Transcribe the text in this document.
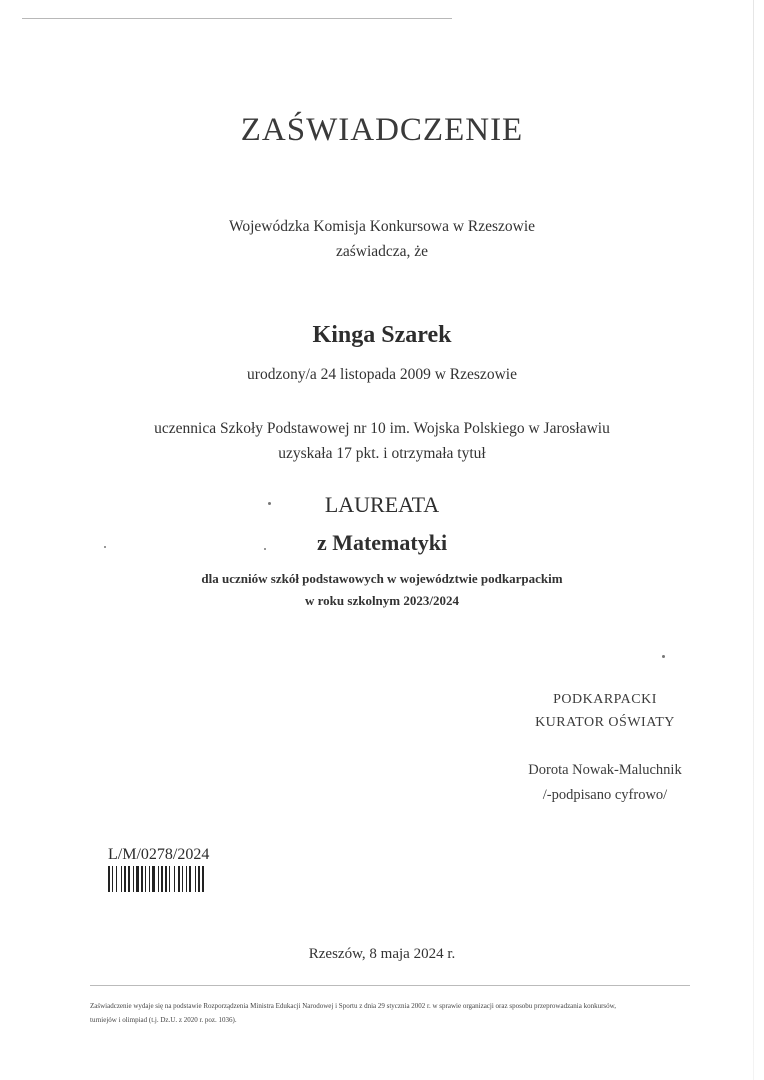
ZAŚWIADCZENIE
Wojewódzka Komisja Konkursowa w Rzeszowie
zaświadcza, że
Kinga Szarek
urodzony/a 24 listopada 2009 w Rzeszowie
uczennica Szkoły Podstawowej nr 10 im. Wojska Polskiego w Jarosławiu
uzyskała 17 pkt. i otrzymała tytuł
LAUREATA
z Matematyki
dla uczniów szkół podstawowych w województwie podkarpackim
w roku szkolnym 2023/2024
PODKARPACKI
KURATOR OŚWIATY
Dorota Nowak-Maluchnik
/-podpisano cyfrowo/
L/M/0278/2024
Rzeszów, 8 maja 2024 r.
Zaświadczenie wydaje się na podstawie Rozporządzenia Ministra Edukacji Narodowej i Sportu z dnia 29 stycznia 2002 r. w sprawie organizacji oraz sposobu przeprowadzania konkursów,
turniejów i olimpiad (t.j. Dz.U. z 2020 r. poz. 1036).
